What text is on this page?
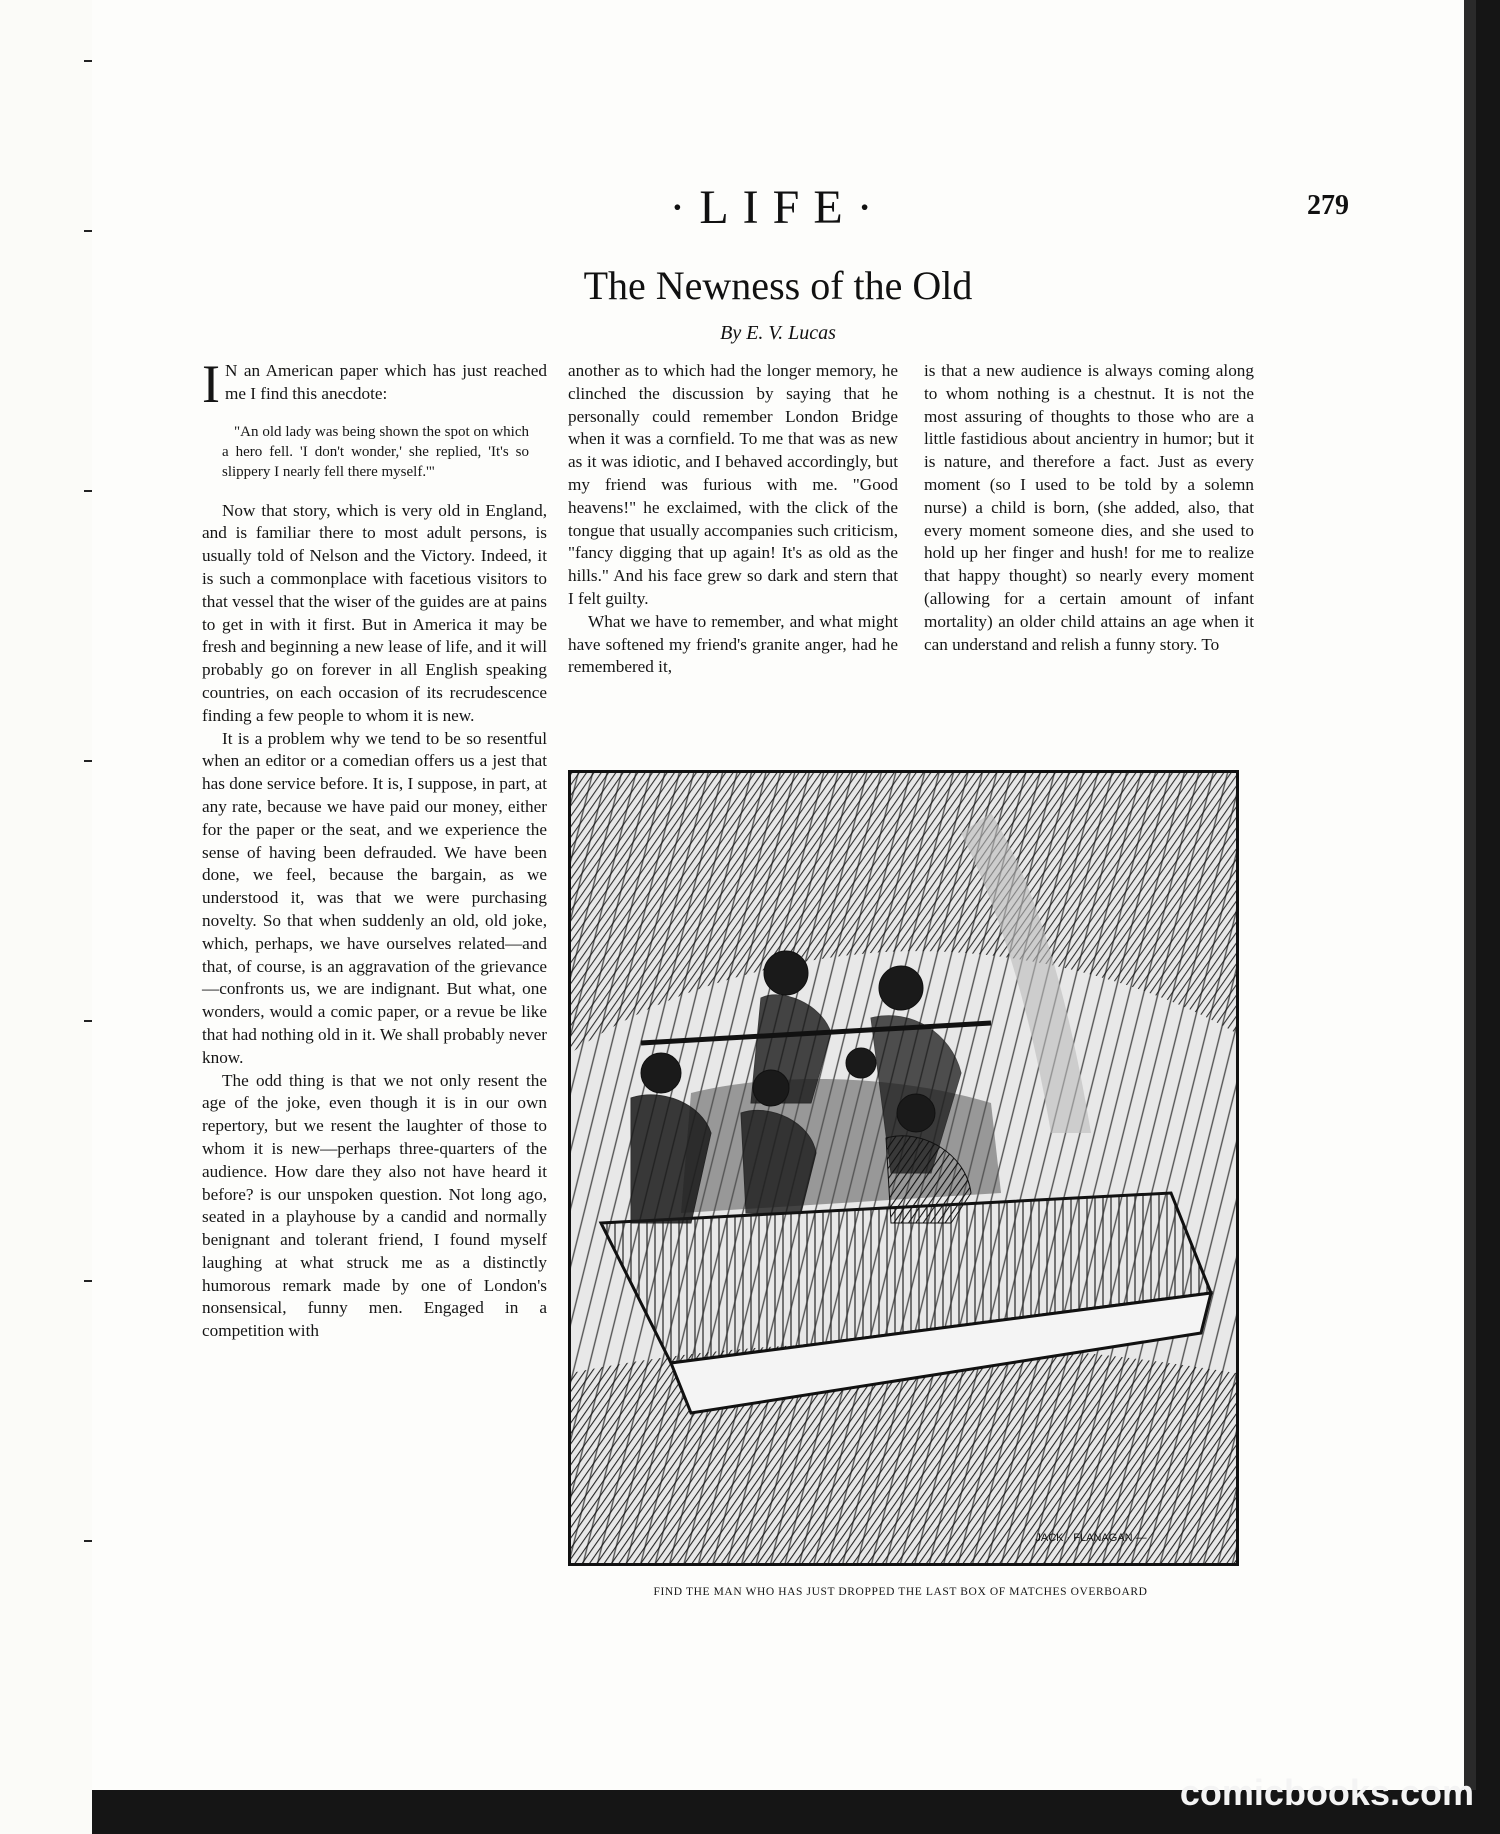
·LIFE·	279
The Newness of the Old
By E. V. Lucas

I N an American paper which has just reached me I find this anecdote:

"An old lady was being shown the spot on which a hero fell. 'I don't wonder,' she replied, 'It's so slippery I nearly fell there myself.'"

Now that story, which is very old in England, and is familiar there to most adult persons, is usually told of Nelson and the Victory. Indeed, it is such a commonplace with facetious visitors to that vessel that the wiser of the guides are at pains to get in with it first. But in America it may be fresh and beginning a new lease of life, and it will probably go on forever in all English speaking countries, on each occasion of its recrudescence finding a few people to whom it is new.

It is a problem why we tend to be so resentful when an editor or a comedian offers us a jest that has done service before. It is, I suppose, in part, at any rate, because we have paid our money, either for the paper or the seat, and we experience the sense of having been defrauded. We have been done, we feel, because the bargain, as we understood it, was that we were purchasing novelty. So that when suddenly an old, old joke, which, perhaps, we have ourselves related—and that, of course, is an aggravation of the grievance—confronts us, we are indignant. But what, one wonders, would a comic paper, or a revue be like that had nothing old in it. We shall probably never know.

The odd thing is that we not only resent the age of the joke, even though it is in our own repertory, but we resent the laughter of those to whom it is new—perhaps three-quarters of the audience. How dare they also not have heard it before? is our unspoken question. Not long ago, seated in a playhouse by a candid and normally benignant and tolerant friend, I found myself laughing at what struck me as a distinctly humorous remark made by one of London's nonsensical, funny men. Engaged in a competition with

another as to which had the longer memory, he clinched the discussion by saying that he personally could remember London Bridge when it was a cornfield. To me that was as new as it was idiotic, and I behaved accordingly, but my friend was furious with me. "Good heavens!" he exclaimed, with the click of the tongue that usually accompanies such criticism, "fancy digging that up again! It's as old as the hills." And his face grew so dark and stern that I felt guilty.

What we have to remember, and what might have softened my friend's granite anger, had he remembered it,

is that a new audience is always coming along to whom nothing is a chestnut. It is not the most assuring of thoughts to those who are a little fastidious about ancientry in humor; but it is nature, and therefore a fact. Just as every moment (so I used to be told by a solemn nurse) a child is born, (she added, also, that every moment someone dies, and she used to hold up her finger and hush! for me to realize that happy thought) so nearly every moment (allowing for a certain amount of infant mortality) an older child attains an age when it can understand and relish a funny story. To

JACK · FLANAGAN —
FIND THE MAN WHO HAS JUST DROPPED THE LAST BOX OF MATCHES OVERBOARD
comicbooks.com
